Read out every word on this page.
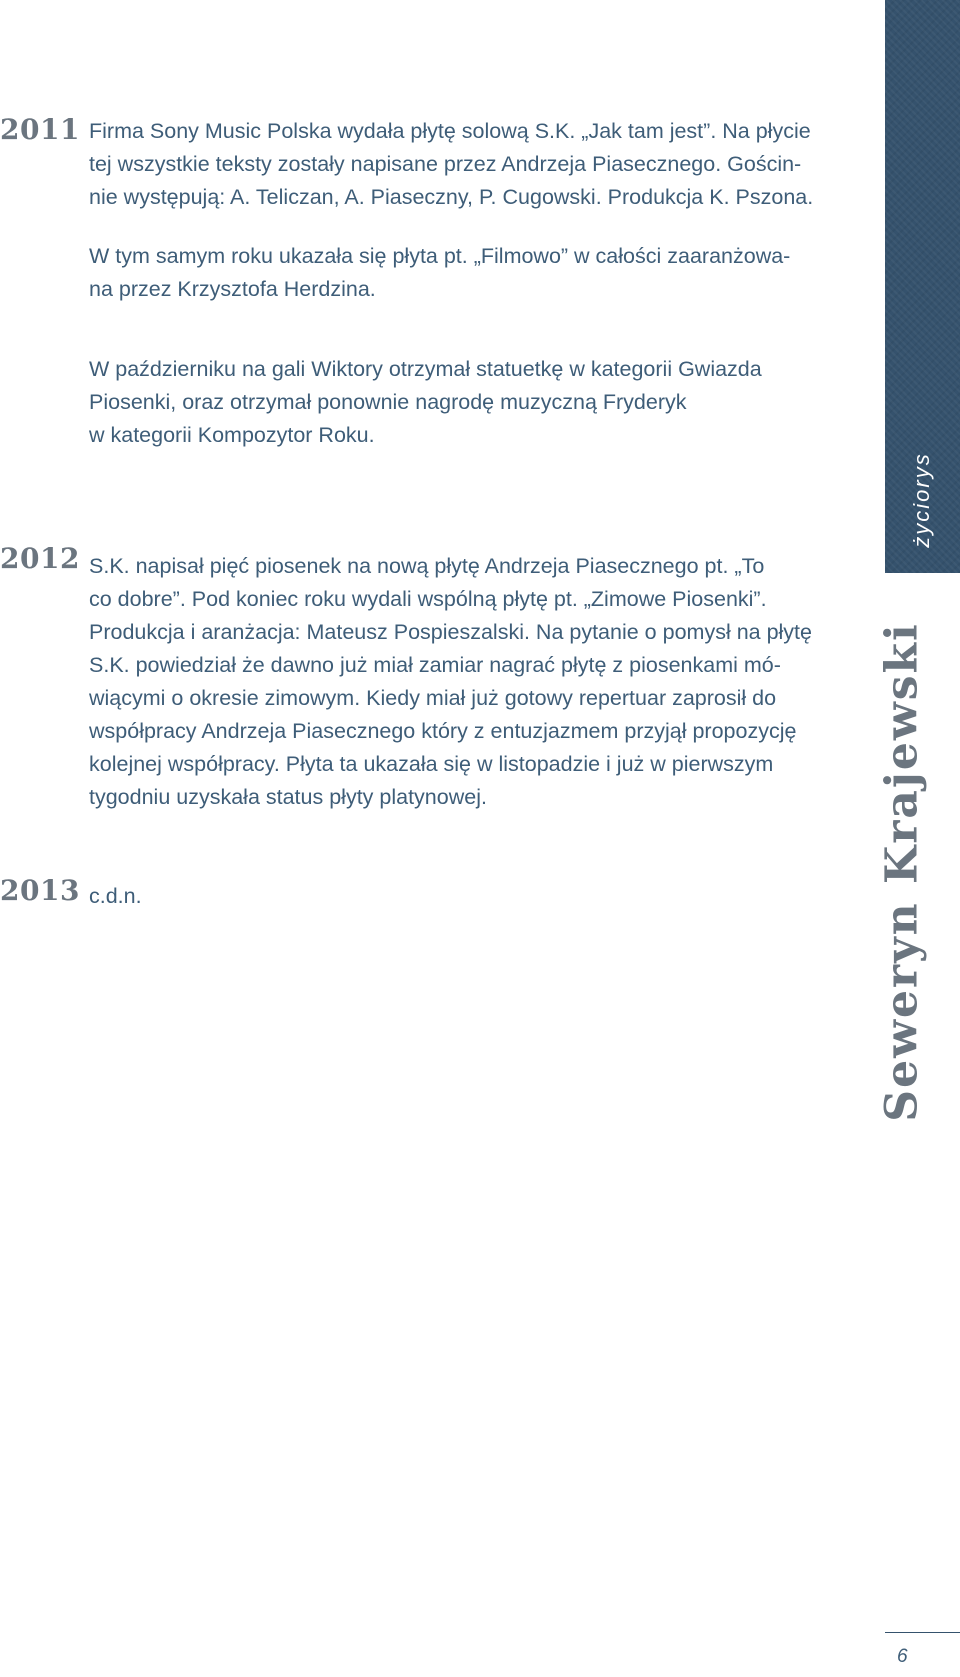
życiorys
Seweryn Krajewski
2011 Firma Sony Music Polska wydała płytę solową S.K. „Jak tam jest”. Na płycie
tej wszystkie teksty zostały napisane przez Andrzeja Piasecznego. Gościn-
nie występują: A. Teliczan, A. Piaseczny, P. Cugowski. Produkcja K. Pszona.

W tym samym roku ukazała się płyta pt. „Filmowo” w całości zaaranżowa-
na przez Krzysztofa Herdzina.

W październiku na gali Wiktory otrzymał statuetkę w kategorii Gwiazda
Piosenki, oraz otrzymał ponownie nagrodę muzyczną Fryderyk
w kategorii Kompozytor Roku.

2012 S.K. napisał pięć piosenek na nową płytę Andrzeja Piasecznego pt. „To
co dobre”. Pod koniec roku wydali wspólną płytę pt. „Zimowe Piosenki”.
Produkcja i aranżacja: Mateusz Pospieszalski. Na pytanie o pomysł na płytę
S.K. powiedział że dawno już miał zamiar nagrać płytę z piosenkami mó-
wiącymi o okresie zimowym. Kiedy miał już gotowy repertuar zaprosił do
współpracy Andrzeja Piasecznego który z entuzjazmem przyjął propozycję
kolejnej współpracy. Płyta ta ukazała się w listopadzie i już w pierwszym
tygodniu uzyskała status płyty platynowej.

2013 c.d.n.

6
